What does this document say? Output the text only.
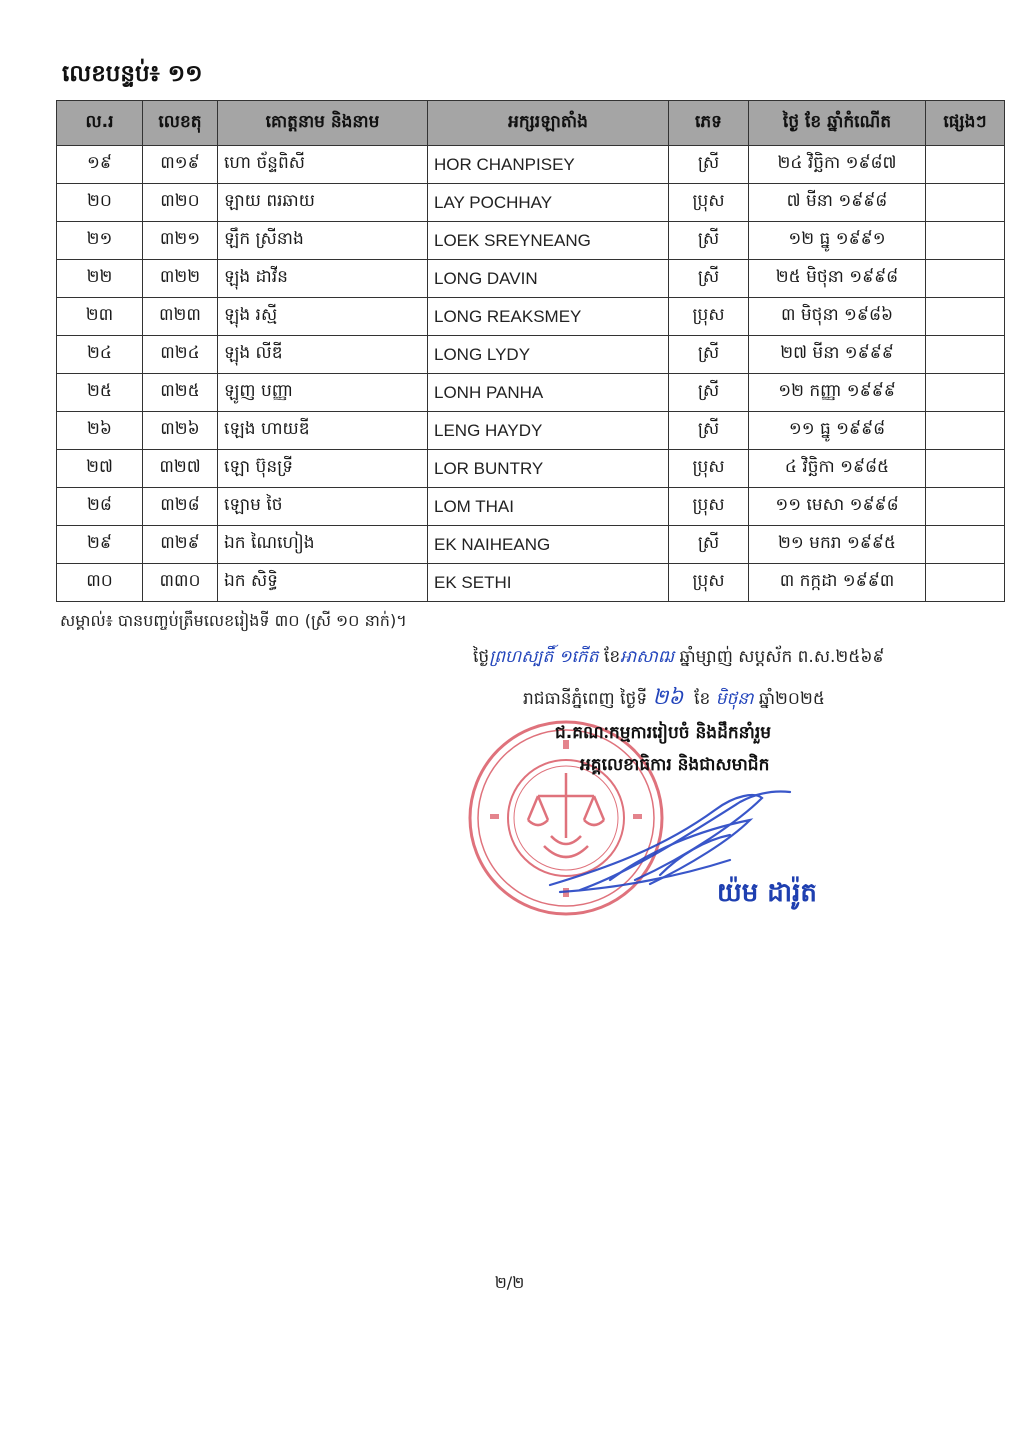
លេខបន្ទប់៖ ១១
ល.រ	លេខតុ	គោត្តនាម និងនាម	អក្សរឡាតាំង	ភេទ	ថ្ងៃ ខែ ឆ្នាំកំណើត	ផ្សេងៗ
១៩	៣១៩	ហោ ច័ន្ទពិសី	HOR CHANPISEY	ស្រី	២៤ វិច្ឆិកា ១៩៨៧	
២០	៣២០	ឡាយ ពរឆាយ	LAY POCHHAY	ប្រុស	៧ មីនា ១៩៩៨	
២១	៣២១	ឡឹក ស្រីនាង	LOEK SREYNEANG	ស្រី	១២ ធ្នូ ១៩៩១	
២២	៣២២	ឡុង ដាវីន	LONG DAVIN	ស្រី	២៥ មិថុនា ១៩៩៨	
២៣	៣២៣	ឡុង រស្មី	LONG REAKSMEY	ប្រុស	៣ មិថុនា ១៩៨៦	
២៤	៣២៤	ឡុង លីឌី	LONG LYDY	ស្រី	២៧ មីនា ១៩៩៩	
២៥	៣២៥	ឡូញ បញ្ញា	LONH PANHA	ស្រី	១២ កញ្ញា ១៩៩៩	
២៦	៣២៦	ឡេង ហាយឌី	LENG HAYDY	ស្រី	១១ ធ្នូ ១៩៩៨	
២៧	៣២៧	ឡោ ប៊ុនទ្រី	LOR BUNTRY	ប្រុស	៤ វិច្ឆិកា ១៩៨៥	
២៨	៣២៨	ឡោម ថៃ	LOM THAI	ប្រុស	១១ មេសា ១៩៩៨	
២៩	៣២៩	ឯក ណៃហៀង	EK NAIHEANG	ស្រី	២១ មករា ១៩៩៥	
៣០	៣៣០	ឯក សិទ្ធិ	EK SETHI	ប្រុស	៣ កក្កដា ១៩៩៣	
សម្គាល់៖ បានបញ្ចប់ត្រឹមលេខរៀងទី ៣០ (ស្រី ១០ នាក់)។
ថ្ងៃព្រហស្បតិ៍ ១កើត ខែអាសាឍ ឆ្នាំម្សាញ់ សប្តស័ក ព.ស.២៥៦៩
រាជធានីភ្នំពេញ ថ្ងៃទី ២៦ ខែ មិថុនា ឆ្នាំ២០២៥
ជ.គណៈកម្មការរៀបចំ និងដឹកនាំរួម
អគ្គលេខាធិការ និងជាសមាជិក
យ៉ម ដារ៉ូត
២/២
